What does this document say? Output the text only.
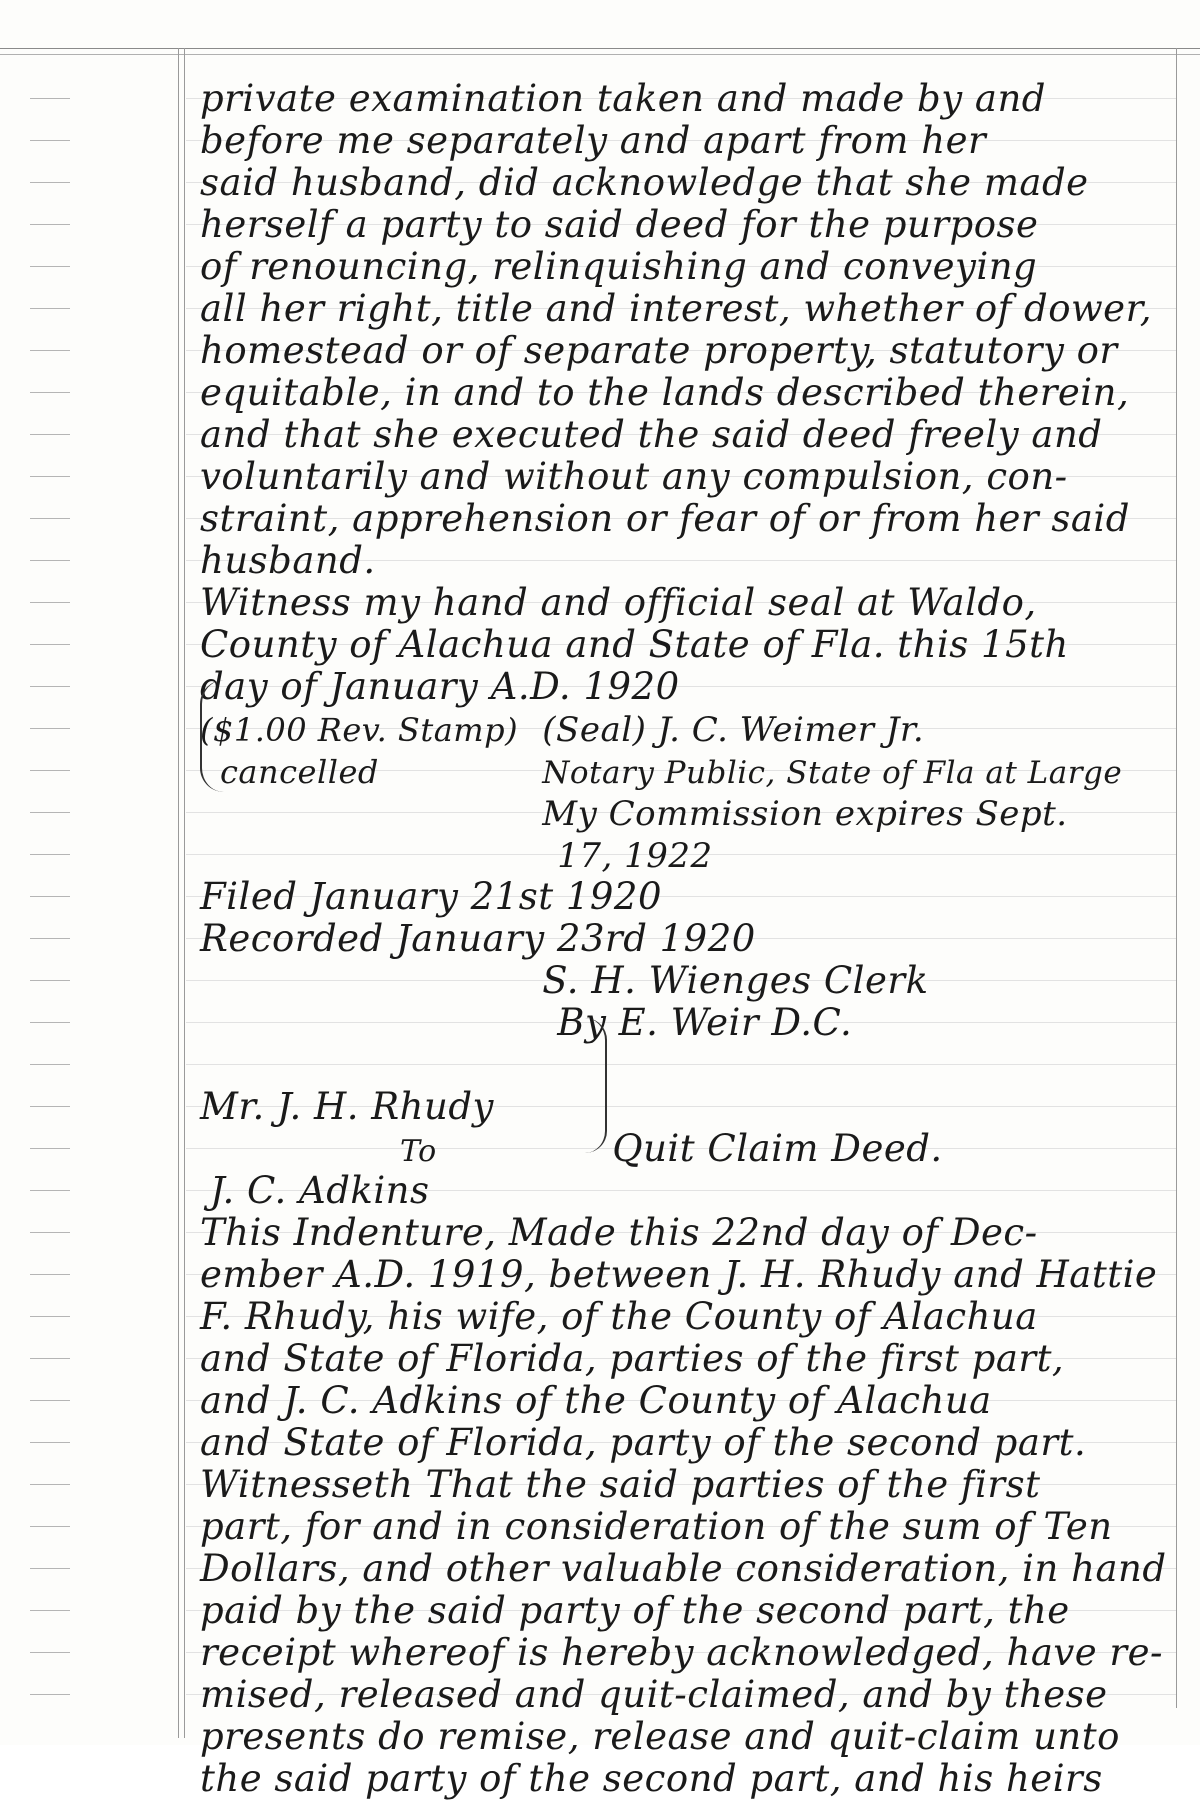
private examination taken and made by and
before me separately and apart from her
said husband, did acknowledge that she made
herself a party to said deed for the purpose
of renouncing, relinquishing and conveying
all her right, title and interest, whether of dower,
homestead or of separate property, statutory or
equitable, in and to the lands described therein,
and that she executed the said deed freely and
voluntarily and without any compulsion, con-
straint, apprehension or fear of or from her said
husband.
Witness my hand and official seal at Waldo,
County of Alachua and State of Fla. this 15th
day of January A.D. 1920
($1.00 Rev. Stamp) (Seal) J. C. Weimer Jr.
cancelled	Notary Public, State of Fla at Large
My Commission expires Sept.
17, 1922
Filed January 21st 1920
Recorded January 23rd 1920
S. H. Wienges Clerk
By E. Weir D.C.
Mr. J. H. Rhudy
To	Quit Claim Deed.
J. C. Adkins
This Indenture, Made this 22nd day of Dec-
ember A.D. 1919, between J. H. Rhudy and Hattie
F. Rhudy, his wife, of the County of Alachua
and State of Florida, parties of the first part,
and J. C. Adkins of the County of Alachua
and State of Florida, party of the second part.
Witnesseth That the said parties of the first
part, for and in consideration of the sum of Ten
Dollars, and other valuable consideration, in hand
paid by the said party of the second part, the
receipt whereof is hereby acknowledged, have re-
mised, released and quit-claimed, and by these
presents do remise, release and quit-claim unto
the said party of the second part, and his heirs
